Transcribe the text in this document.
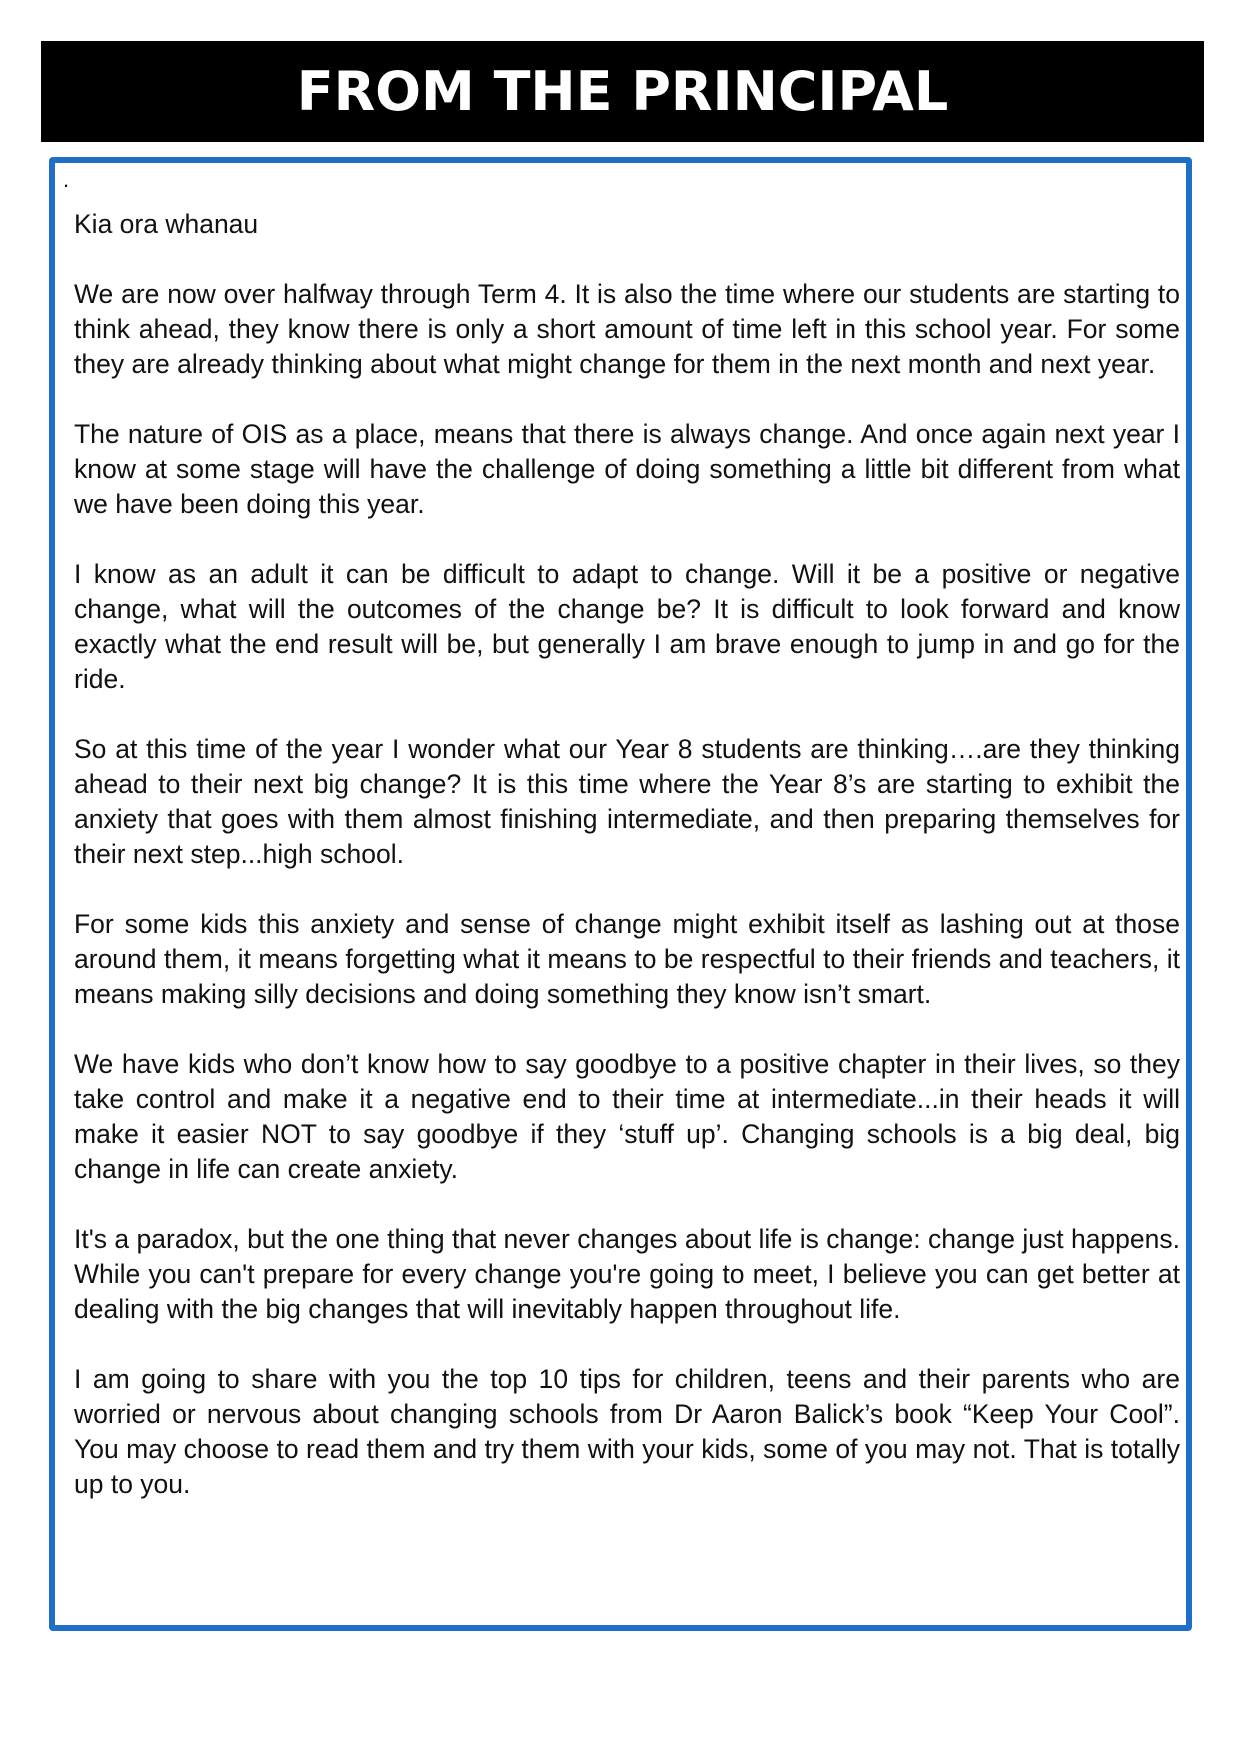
FROM THE PRINCIPAL
.

Kia ora whanau

We are now over halfway through Term 4. It is also the time where our students are starting to think ahead, they know there is only a short amount of time left in this school year. For some they are already thinking about what might change for them in the next month and next year.

The nature of OIS as a place, means that there is always change. And once again next year I know at some stage will have the challenge of doing something a little bit different from what we have been doing this year.

I know as an adult it can be difficult to adapt to change. Will it be a positive or negative change, what will the outcomes of the change be? It is difficult to look forward and know exactly what the end result will be, but generally I am brave enough to jump in and go for the ride.

So at this time of the year I wonder what our Year 8 students are thinking….are they thinking ahead to their next big change? It is this time where the Year 8’s are starting to exhibit the anxiety that goes with them almost finishing intermediate, and then preparing themselves for their next step...high school.

For some kids this anxiety and sense of change might exhibit itself as lashing out at those around them, it means forgetting what it means to be respectful to their friends and teachers, it means making silly decisions and doing something they know isn’t smart.

We have kids who don’t know how to say goodbye to a positive chapter in their lives, so they take control and make it a negative end to their time at intermediate...in their heads it will make it easier NOT to say goodbye if they ‘stuff up’. Changing schools is a big deal, big change in life can create anxiety.

It's a paradox, but the one thing that never changes about life is change: change just happens. While you can't prepare for every change you're going to meet, I believe you can get better at dealing with the big changes that will inevitably happen throughout life.

I am going to share with you the top 10 tips for children, teens and their parents who are worried or nervous about changing schools from Dr Aaron Balick’s book “Keep Your Cool”. You may choose to read them and try them with your kids, some of you may not. That is totally up to you.
